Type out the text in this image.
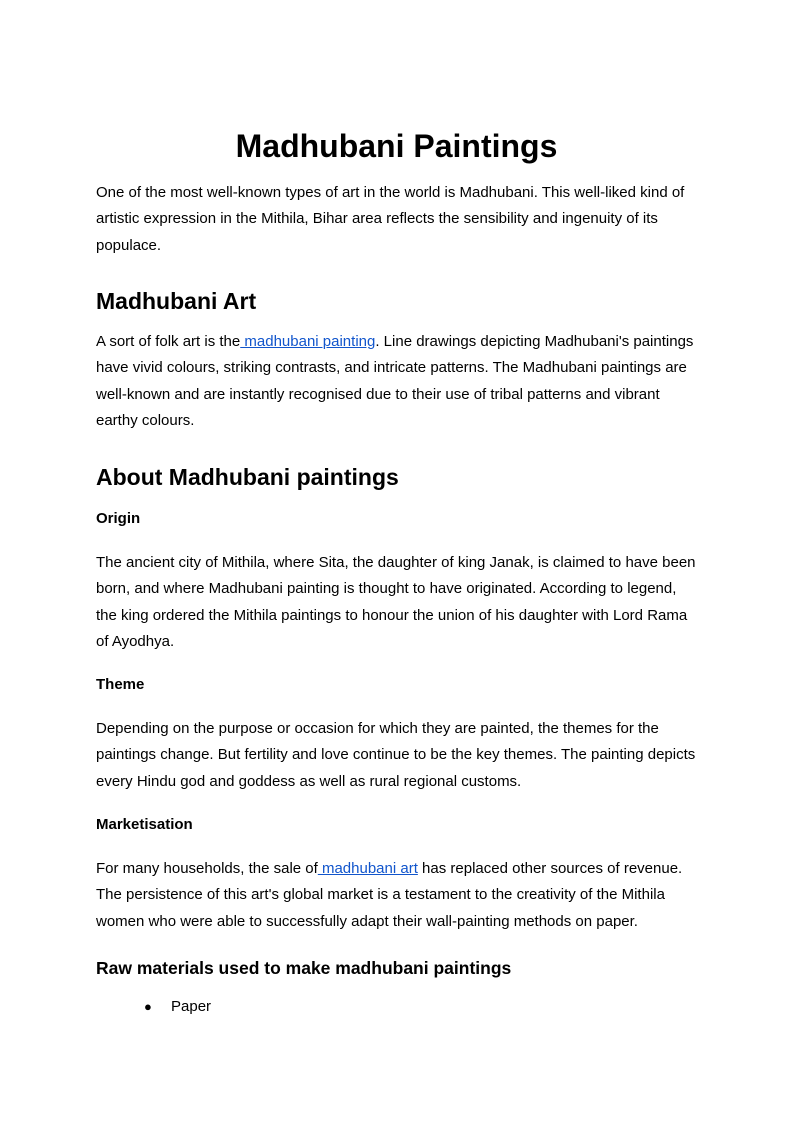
Madhubani Paintings

One of the most well-known types of art in the world is Madhubani. This well-liked kind of artistic expression in the Mithila, Bihar area reflects the sensibility and ingenuity of its populace.

Madhubani Art

A sort of folk art is the madhubani painting. Line drawings depicting Madhubani's paintings have vivid colours, striking contrasts, and intricate patterns. The Madhubani paintings are well-known and are instantly recognised due to their use of tribal patterns and vibrant earthy colours.

About Madhubani paintings
Origin

The ancient city of Mithila, where Sita, the daughter of king Janak, is claimed to have been born, and where Madhubani painting is thought to have originated. According to legend, the king ordered the Mithila paintings to honour the union of his daughter with Lord Rama of Ayodhya.

Theme

Depending on the purpose or occasion for which they are painted, the themes for the paintings change. But fertility and love continue to be the key themes. The painting depicts every Hindu god and goddess as well as rural regional customs.

Marketisation

For many households, the sale of madhubani art has replaced other sources of revenue. The persistence of this art's global market is a testament to the creativity of the Mithila women who were able to successfully adapt their wall-painting methods on paper.

Raw materials used to make madhubani paintings
● Paper
